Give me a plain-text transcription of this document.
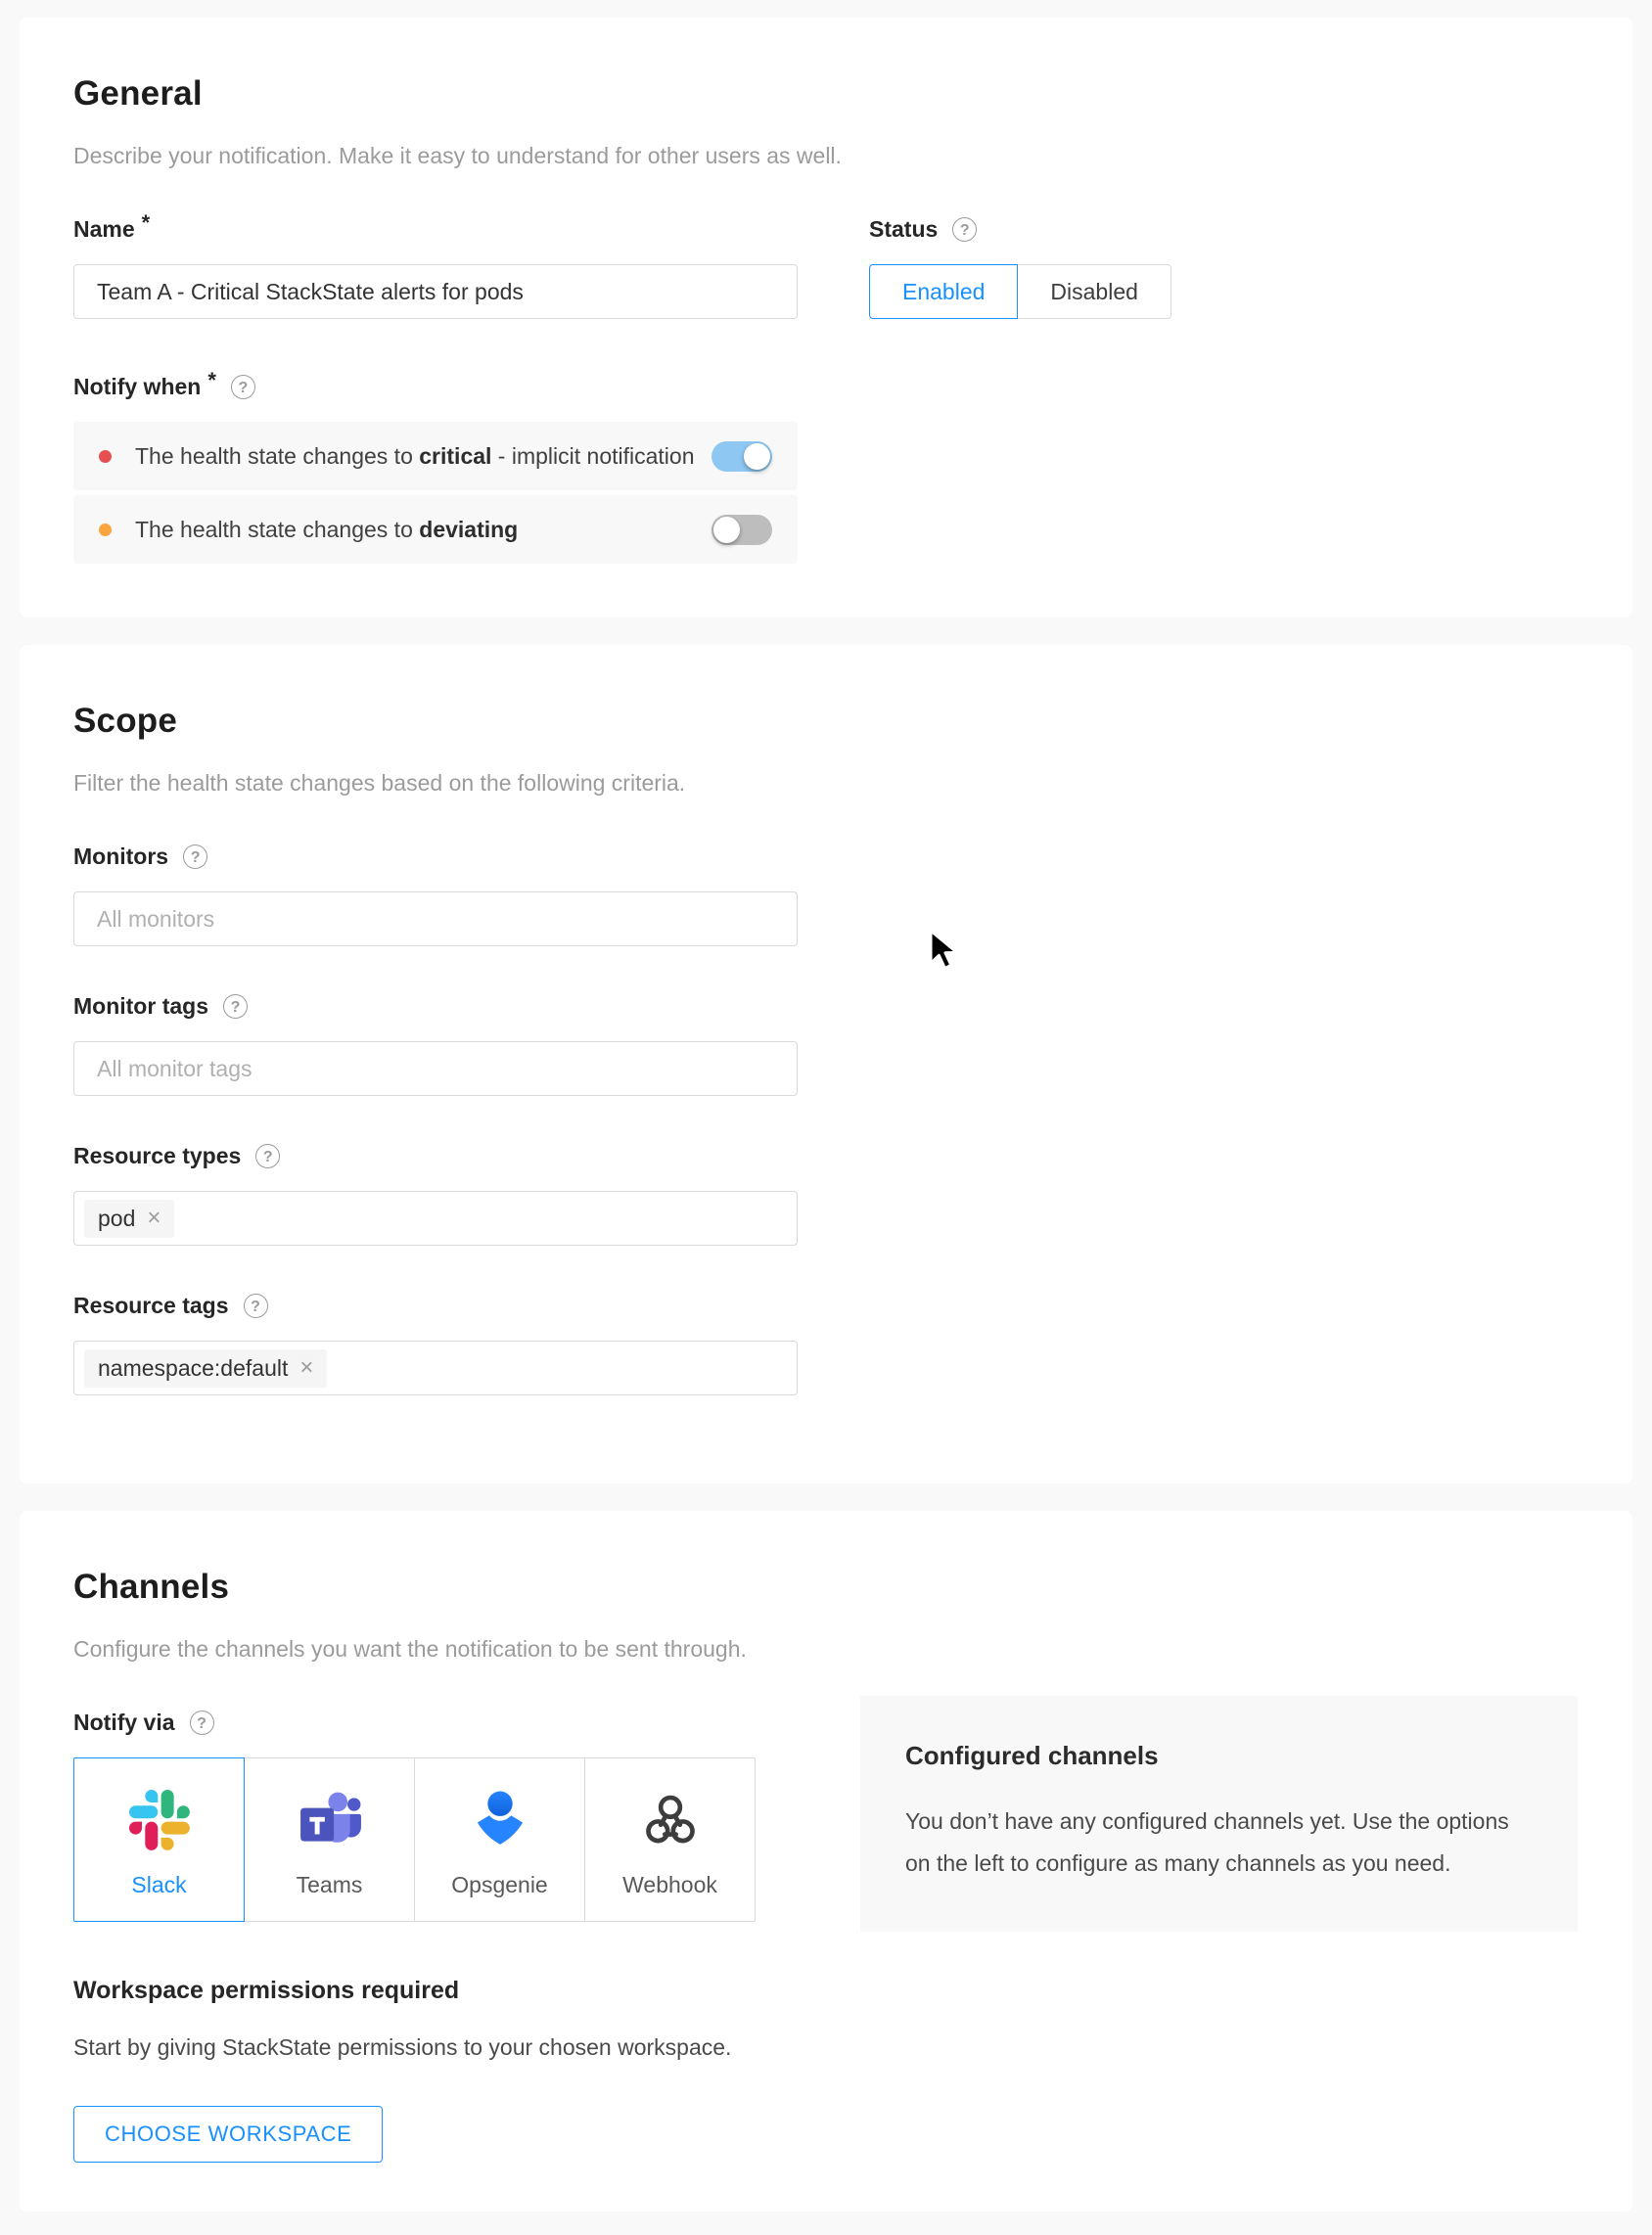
General

Describe your notification. Make it easy to understand for other users as well.

Name *
Team A - Critical StackState alerts for pods	Status	?
Enabled	Disabled
Notify when *	?
The health state changes to critical - implicit notification
The health state changes to deviating
Scope

Filter the health state changes based on the following criteria.

Monitors	?
All monitors
Monitor tags	?
All monitor tags
Resource types	?
pod ×
Resource tags	?
namespace:default ×
Channels

Configure the channels you want the notification to be sent through.

Notify via	?
Slack	Teams	Opsgenie	Webhook
Workspace permissions required

Start by giving StackState permissions to your chosen workspace.

CHOOSE WORKSPACE
Configured channels

You don’t have any configured channels yet. Use the options on the left to configure as many channels as you need.
